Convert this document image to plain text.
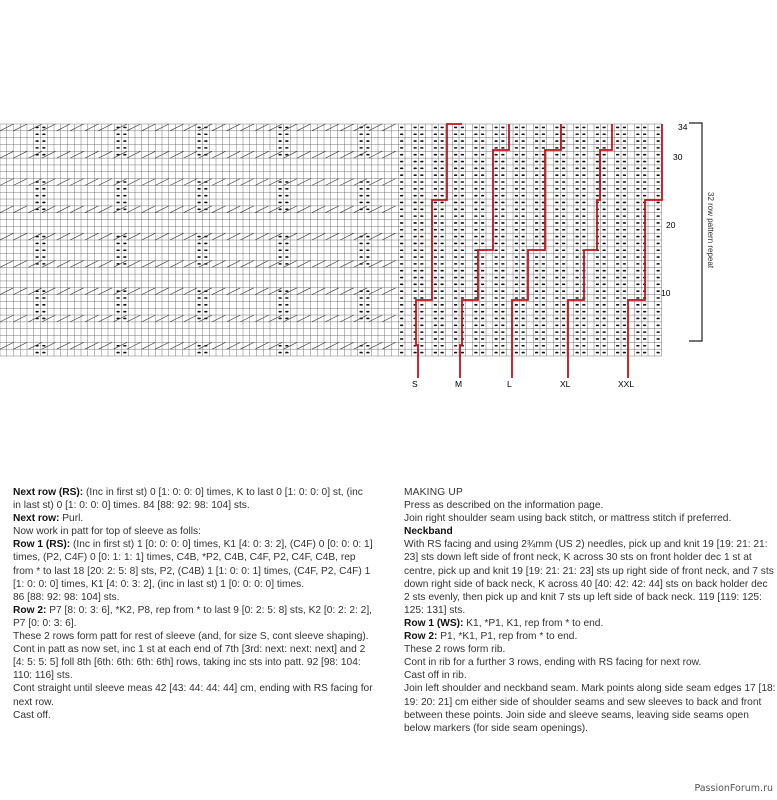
34
30
20
10
32 row pattern repeat
S	M	L	XL	XXL

Next row (RS): (Inc in first st) 0 [1: 0: 0: 0] times, K to last 0 [1: 0: 0: 0] st, (inc in last st) 0 [1: 0: 0: 0] times. 84 [88: 92: 98: 104] sts.

Next row: Purl.

Now work in patt for top of sleeve as folls:

Row 1 (RS): (Inc in first st) 1 [0: 0: 0: 0] times, K1 [4: 0: 3: 2], (C4F) 0 [0: 0: 0: 1] times, (P2, C4F) 0 [0: 1: 1: 1] times, C4B, *P2, C4B, C4F, P2, C4F, C4B, rep from * to last 18 [20: 2: 5: 8] sts, P2, (C4B) 1 [1: 0: 0: 1] times, (C4F, P2, C4F) 1 [1: 0: 0: 0] times, K1 [4: 0: 3: 2], (inc in last st) 1 [0: 0: 0: 0] times.

86 [88: 92: 98: 104] sts.

Row 2: P7 [8: 0: 3: 6], *K2, P8, rep from * to last 9 [0: 2: 5: 8] sts, K2 [0: 2: 2: 2], P7 [0: 0: 3: 6].

These 2 rows form patt for rest of sleeve (and, for size S, cont sleeve shaping).

Cont in patt as now set, inc 1 st at each end of 7th [3rd: next: next: next] and 2 [4: 5: 5: 5] foll 8th [6th: 6th: 6th: 6th] rows, taking inc sts into patt. 92 [98: 104: 110: 116] sts.

Cont straight until sleeve meas 42 [43: 44: 44: 44] cm, ending with RS facing for next row.

Cast off.

MAKING UP

Press as described on the information page.

Join right shoulder seam using back stitch, or mattress stitch if preferred.

Neckband

With RS facing and using 2¾mm (US 2) needles, pick up and knit 19 [19: 21: 21: 23] sts down left side of front neck, K across 30 sts on front holder dec 1 st at centre, pick up and knit 19 [19: 21: 21: 23] sts up right side of front neck, and 7 sts down right side of back neck, K across 40 [40: 42: 42: 44] sts on back holder dec 2 sts evenly, then pick up and knit 7 sts up left side of back neck. 119 [119: 125: 125: 131] sts.

Row 1 (WS): K1, *P1, K1, rep from * to end.

Row 2: P1, *K1, P1, rep from * to end.

These 2 rows form rib.

Cont in rib for a further 3 rows, ending with RS facing for next row.

Cast off in rib.

Join left shoulder and neckband seam. Mark points along side seam edges 17 [18: 19: 20: 21] cm either side of shoulder seams and sew sleeves to back and front between these points. Join side and sleeve seams, leaving side seams open below markers (for side seam openings).

PassionForum.ru
